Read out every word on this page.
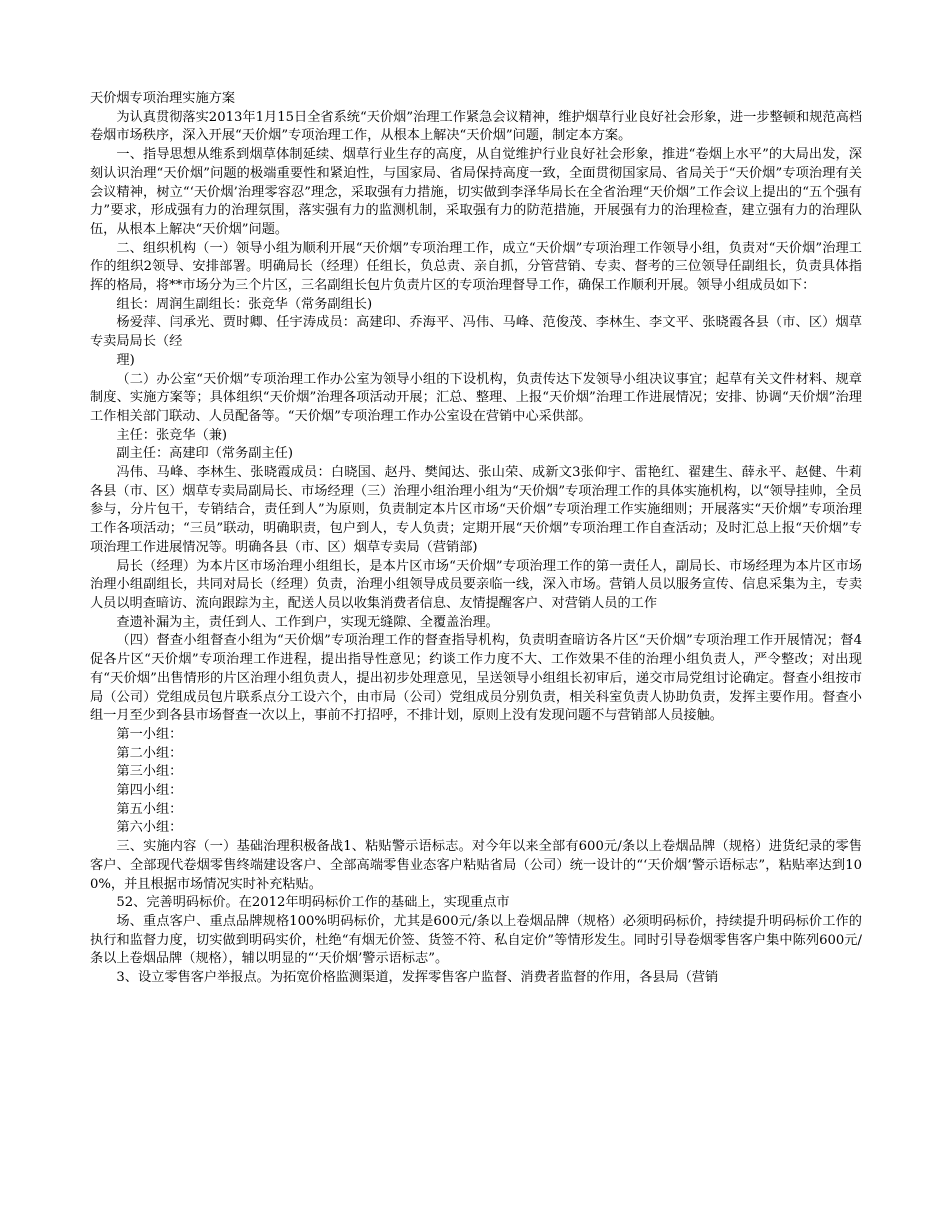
天价烟专项治理实施方案

为认真贯彻落实2013年1月15日全省系统“天价烟”治理工作紧急会议精神，维护烟草行业良好社会形象，进一步整顿和规范高档卷烟市场秩序，深入开展“天价烟”专项治理工作，从根本上解决“天价烟”问题，制定本方案。

一、指导思想从维系到烟草体制延续、烟草行业生存的高度，从自觉维护行业良好社会形象，推进“卷烟上水平”的大局出发，深刻认识治理“天价烟”问题的极端重要性和紧迫性，与国家局、省局保持高度一致，全面贯彻国家局、省局关于“天价烟”专项治理有关会议精神，树立“‘天价烟’治理零容忍”理念，采取强有力措施，切实做到李泽华局长在全省治理“天价烟”工作会议上提出的“五个强有力”要求，形成强有力的治理氛围，落实强有力的监测机制，采取强有力的防范措施，开展强有力的治理检查，建立强有力的治理队伍，从根本上解决“天价烟”问题。

二、组织机构（一）领导小组为顺利开展“天价烟”专项治理工作，成立“天价烟”专项治理工作领导小组，负责对“天价烟”治理工作的组织2领导、安排部署。明确局长（经理）任组长，负总责、亲自抓，分管营销、专卖、督考的三位领导任副组长，负责具体指挥的格局，将**市场分为三个片区，三名副组长包片负责片区的专项治理督导工作，确保工作顺利开展。领导小组成员如下：

组长：周润生副组长：张竞华（常务副组长)

杨爱萍、闫承光、贾时卿、任宇涛成员：高建印、乔海平、冯伟、马峰、范俊茂、李林生、李文平、张晓霞各县（市、区）烟草专卖局局长（经

理)

（二）办公室“天价烟”专项治理工作办公室为领导小组的下设机构，负责传达下发领导小组决议事宜；起草有关文件材料、规章制度、实施方案等；具体组织“天价烟”治理各项活动开展；汇总、整理、上报“天价烟”治理工作进展情况；安排、协调“天价烟”治理工作相关部门联动、人员配备等。“天价烟”专项治理工作办公室设在营销中心采供部。

主任：张竞华（兼)

副主任：高建印（常务副主任)

冯伟、马峰、李林生、张晓霞成员：白晓国、赵丹、樊闻达、张山荣、成新文3张仰宇、雷艳红、翟建生、薛永平、赵健、牛莉各县（市、区）烟草专卖局副局长、市场经理（三）治理小组治理小组为“天价烟”专项治理工作的具体实施机构，以“领导挂帅，全员参与，分片包干，专销结合，责任到人”为原则，负责制定本片区市场“天价烟”专项治理工作实施细则；开展落实“天价烟”专项治理工作各项活动；“三员”联动，明确职责，包户到人，专人负责；定期开展“天价烟”专项治理工作自查活动；及时汇总上报“天价烟”专项治理工作进展情况等。明确各县（市、区）烟草专卖局（营销部)

局长（经理）为本片区市场治理小组组长，是本片区市场“天价烟”专项治理工作的第一责任人，副局长、市场经理为本片区市场治理小组副组长，共同对局长（经理）负责，治理小组领导成员要亲临一线，深入市场。营销人员以服务宣传、信息采集为主，专卖人员以明查暗访、流向跟踪为主，配送人员以收集消费者信息、友情提醒客户、对营销人员的工作

查遗补漏为主，责任到人、工作到户，实现无缝隙、全覆盖治理。

（四）督查小组督查小组为“天价烟”专项治理工作的督查指导机构，负责明查暗访各片区“天价烟”专项治理工作开展情况；督4促各片区“天价烟”专项治理工作进程，提出指导性意见；约谈工作力度不大、工作效果不佳的治理小组负责人，严令整改；对出现有“天价烟”出售情形的片区治理小组负责人，提出初步处理意见，呈送领导小组组长初审后，递交市局党组讨论确定。督查小组按市局（公司）党组成员包片联系点分工设六个，由市局（公司）党组成员分别负责，相关科室负责人协助负责，发挥主要作用。督查小组一月至少到各县市场督查一次以上，事前不打招呼，不排计划，原则上没有发现问题不与营销部人员接触。

第一小组：

第二小组：

第三小组：

第四小组：

第五小组：

第六小组：

三、实施内容（一）基础治理积极备战1、粘贴警示语标志。对今年以来全部有600元/条以上卷烟品牌（规格）进货纪录的零售客户、全部现代卷烟零售终端建设客户、全部高端零售业态客户粘贴省局（公司）统一设计的“‘天价烟’警示语标志”，粘贴率达到100%，并且根据市场情况实时补充粘贴。

52、完善明码标价。在2012年明码标价工作的基础上，实现重点市

场、重点客户、重点品牌规格100%明码标价，尤其是600元/条以上卷烟品牌（规格）必须明码标价，持续提升明码标价工作的执行和监督力度，切实做到明码实价，杜绝“有烟无价签、货签不符、私自定价”等情形发生。同时引导卷烟零售客户集中陈列600元/条以上卷烟品牌（规格），辅以明显的“‘天价烟’警示语标志”。

3、设立零售客户举报点。为拓宽价格监测渠道，发挥零售客户监督、消费者监督的作用，各县局（营销
